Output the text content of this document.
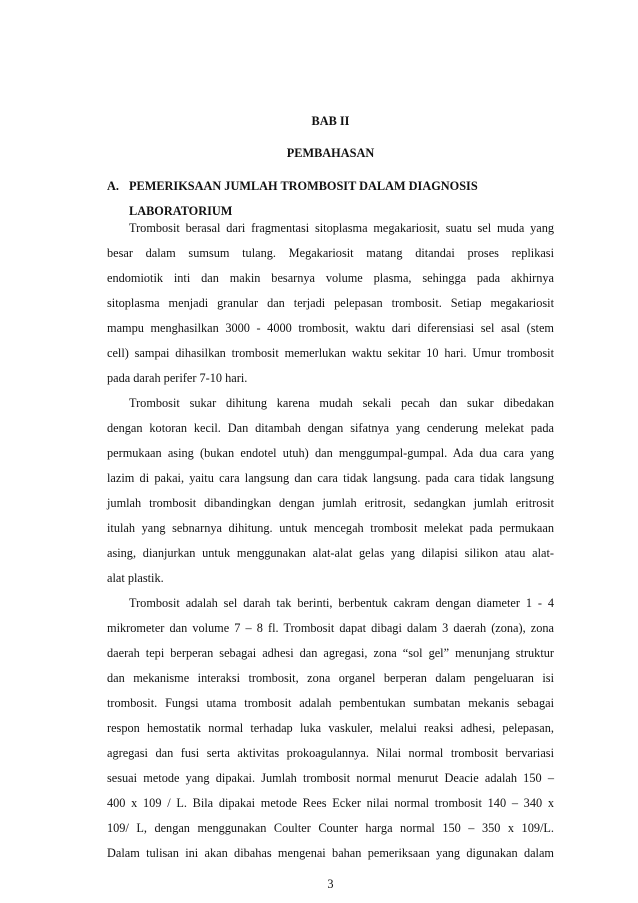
BAB II
PEMBAHASAN
A. PEMERIKSAAN JUMLAH TROMBOSIT DALAM DIAGNOSIS
LABORATORIUM
Trombosit berasal dari fragmentasi sitoplasma megakariosit, suatu sel muda yang
besar dalam sumsum tulang. Megakariosit matang ditandai proses replikasi
endomiotik inti dan makin besarnya volume plasma, sehingga pada akhirnya
sitoplasma menjadi granular dan terjadi pelepasan trombosit. Setiap megakariosit
mampu menghasilkan 3000 - 4000 trombosit, waktu dari diferensiasi sel asal (stem
cell) sampai dihasilkan trombosit memerlukan waktu sekitar 10 hari. Umur trombosit
pada darah perifer 7-10 hari.
Trombosit sukar dihitung karena mudah sekali pecah dan sukar dibedakan
dengan kotoran kecil. Dan ditambah dengan sifatnya yang cenderung melekat pada
permukaan asing (bukan endotel utuh) dan menggumpal-gumpal. Ada dua cara yang
lazim di pakai, yaitu cara langsung dan cara tidak langsung. pada cara tidak langsung
jumlah trombosit dibandingkan dengan jumlah eritrosit, sedangkan jumlah eritrosit
itulah yang sebnarnya dihitung. untuk mencegah trombosit melekat pada permukaan
asing, dianjurkan untuk menggunakan alat-alat gelas yang dilapisi silikon atau alat-
alat plastik.
Trombosit adalah sel darah tak berinti, berbentuk cakram dengan diameter 1 - 4
mikrometer dan volume 7 – 8 fl. Trombosit dapat dibagi dalam 3 daerah (zona), zona
daerah tepi berperan sebagai adhesi dan agregasi, zona “sol gel” menunjang struktur
dan mekanisme interaksi trombosit, zona organel berperan dalam pengeluaran isi
trombosit. Fungsi utama trombosit adalah pembentukan sumbatan mekanis sebagai
respon hemostatik normal terhadap luka vaskuler, melalui reaksi adhesi, pelepasan,
agregasi dan fusi serta aktivitas prokoagulannya. Nilai normal trombosit bervariasi
sesuai metode yang dipakai. Jumlah trombosit normal menurut Deacie adalah 150 –
400 x 109 / L. Bila dipakai metode Rees Ecker nilai normal trombosit 140 – 340 x
109/ L, dengan menggunakan Coulter Counter harga normal 150 – 350 x 109/L.
Dalam tulisan ini akan dibahas mengenai bahan pemeriksaan yang digunakan dalam
3
